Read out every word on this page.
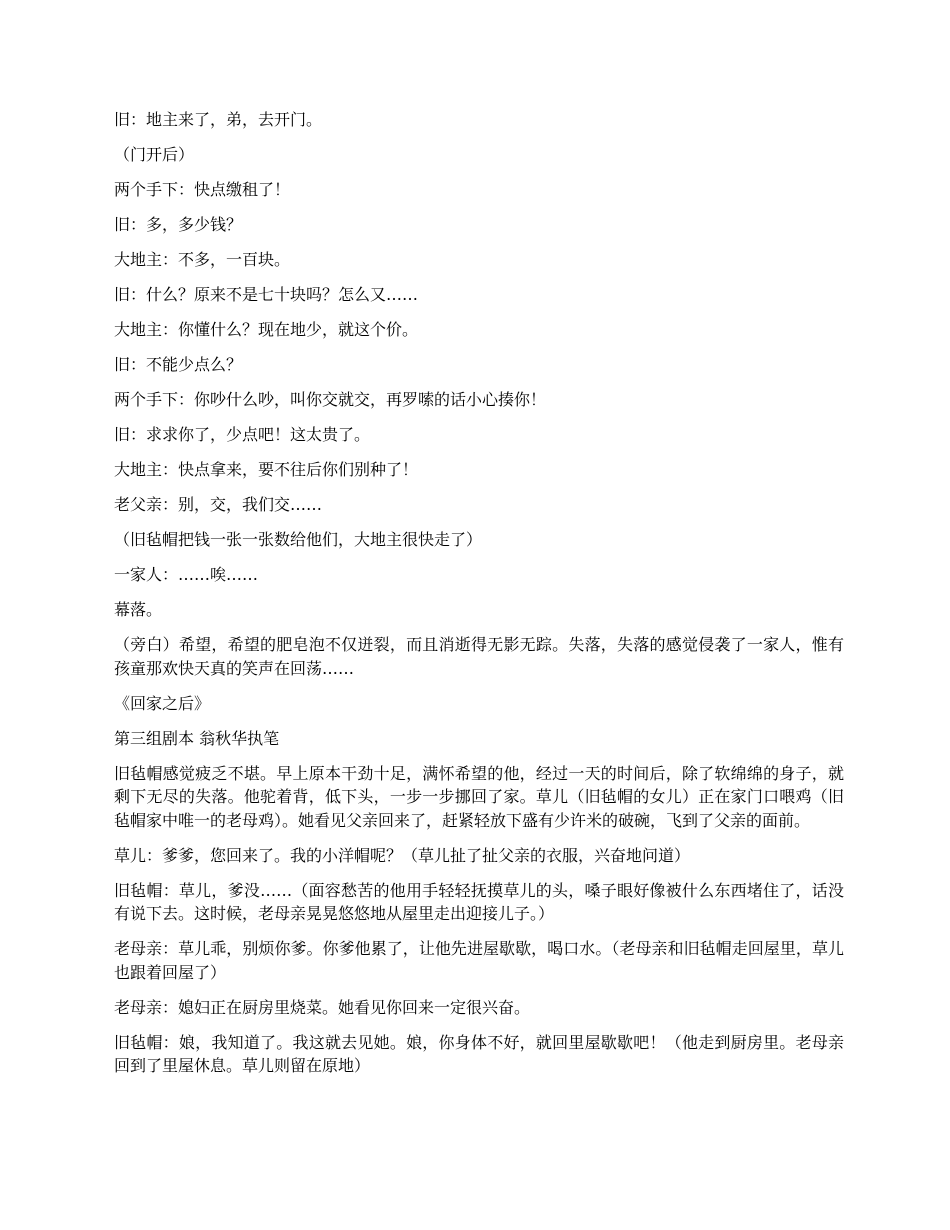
旧：地主来了，弟，去开门。

（门开后）

两个手下：快点缴租了！

旧：多，多少钱？

大地主：不多，一百块。

旧：什么？原来不是七十块吗？怎么又……

大地主：你懂什么？现在地少，就这个价。

旧：不能少点么？

两个手下：你吵什么吵，叫你交就交，再罗嗦的话小心揍你！

旧：求求你了，少点吧！这太贵了。

大地主：快点拿来，要不往后你们别种了！

老父亲：别，交，我们交……

（旧毡帽把钱一张一张数给他们，大地主很快走了）

一家人：……唉……

幕落。

（旁白）希望，希望的肥皂泡不仅迸裂，而且消逝得无影无踪。失落，失落的感觉侵袭了一家人，惟有孩童那欢快天真的笑声在回荡……

《回家之后》

第三组剧本 翁秋华执笔

旧毡帽感觉疲乏不堪。早上原本干劲十足，满怀希望的他，经过一天的时间后，除了软绵绵的身子，就剩下无尽的失落。他驼着背，低下头，一步一步挪回了家。草儿（旧毡帽的女儿）正在家门口喂鸡（旧毡帽家中唯一的老母鸡）。她看见父亲回来了，赶紧轻放下盛有少许米的破碗，飞到了父亲的面前。

草儿：爹爹，您回来了。我的小洋帽呢？（草儿扯了扯父亲的衣服，兴奋地问道）

旧毡帽：草儿，爹没……（面容愁苦的他用手轻轻抚摸草儿的头，嗓子眼好像被什么东西堵住了，话没有说下去。这时候，老母亲晃晃悠悠地从屋里走出迎接儿子。）

老母亲：草儿乖，别烦你爹。你爹他累了，让他先进屋歇歇，喝口水。（老母亲和旧毡帽走回屋里，草儿也跟着回屋了）

老母亲：媳妇正在厨房里烧菜。她看见你回来一定很兴奋。

旧毡帽：娘，我知道了。我这就去见她。娘，你身体不好，就回里屋歇歇吧！（他走到厨房里。老母亲回到了里屋休息。草儿则留在原地）
